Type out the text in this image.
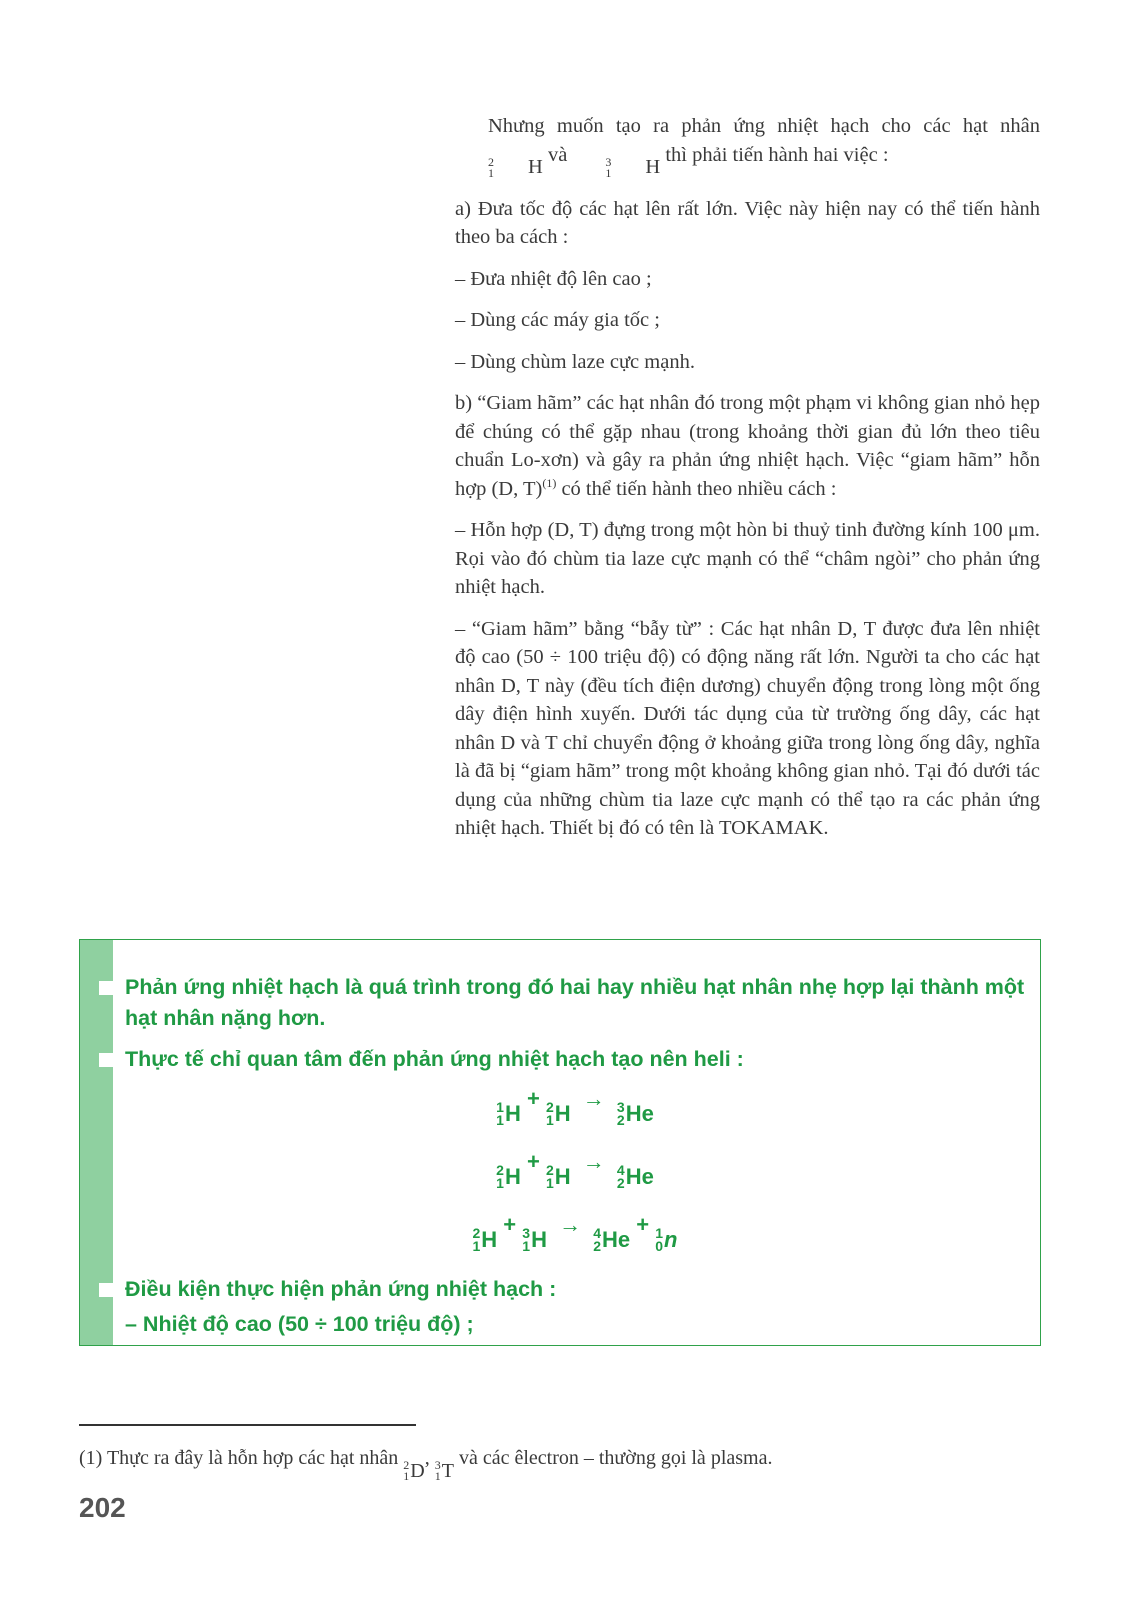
Nhưng muốn tạo ra phản ứng nhiệt hạch cho các hạt nhân
2
1	H
và	3
1	H
thì phải tiến hành hai việc :

a) Đưa tốc độ các hạt lên rất lớn. Việc này hiện nay có thể tiến hành theo ba cách :

– Đưa nhiệt độ lên cao ;

– Dùng các máy gia tốc ;

– Dùng chùm laze cực mạnh.

b) “Giam hãm” các hạt nhân đó trong một phạm vi không gian nhỏ hẹp để chúng có thể gặp nhau (trong khoảng thời gian đủ lớn theo tiêu chuẩn Lo-xơn) và gây ra phản ứng nhiệt hạch. Việc “giam hãm” hỗn hợp (D, T)$^{(1)}$ có thể tiến hành theo nhiều cách :

– Hỗn hợp (D, T) đựng trong một hòn bi thuỷ tinh đường kính 100 μm. Rọi vào đó chùm tia laze cực mạnh có thể “châm ngòi” cho phản ứng nhiệt hạch.

– “Giam hãm” bằng “bẫy từ” : Các hạt nhân D, T được đưa lên nhiệt độ cao (50 ÷ 100 triệu độ) có động năng rất lớn. Người ta cho các hạt nhân D, T này (đều tích điện dương) chuyển động trong lòng một ống dây điện hình xuyến. Dưới tác dụng của từ trường ống dây, các hạt nhân D và T chỉ chuyển động ở khoảng giữa trong lòng ống dây, nghĩa là đã bị “giam hãm” trong một khoảng không gian nhỏ. Tại đó dưới tác dụng của những chùm tia laze cực mạnh có thể tạo ra các phản ứng nhiệt hạch. Thiết bị đó có tên là TOKAMAK.

Phản ứng nhiệt hạch là quá trình trong đó hai hay nhiều hạt nhân nhẹ hợp lại thành một hạt nhân nặng hơn.
Thực tế chỉ quan tâm đến phản ứng nhiệt hạch tạo nên heli :
1
1 H
+ 2
1 H
→ 3
2 He
2
1 H
+ 2
1 H
→ 4
2 He
2
1 H
+ 3
1 H
→ 4
2 He
+ 1
0 n
Điều kiện thực hiện phản ứng nhiệt hạch :
– Nhiệt độ cao (50 ÷ 100 triệu độ) ;
(1) Thực ra đây là hỗn hợp các hạt nhân 2
1 D
, 3
1 T
và các êlectron – thường gọi là plasma.
202
